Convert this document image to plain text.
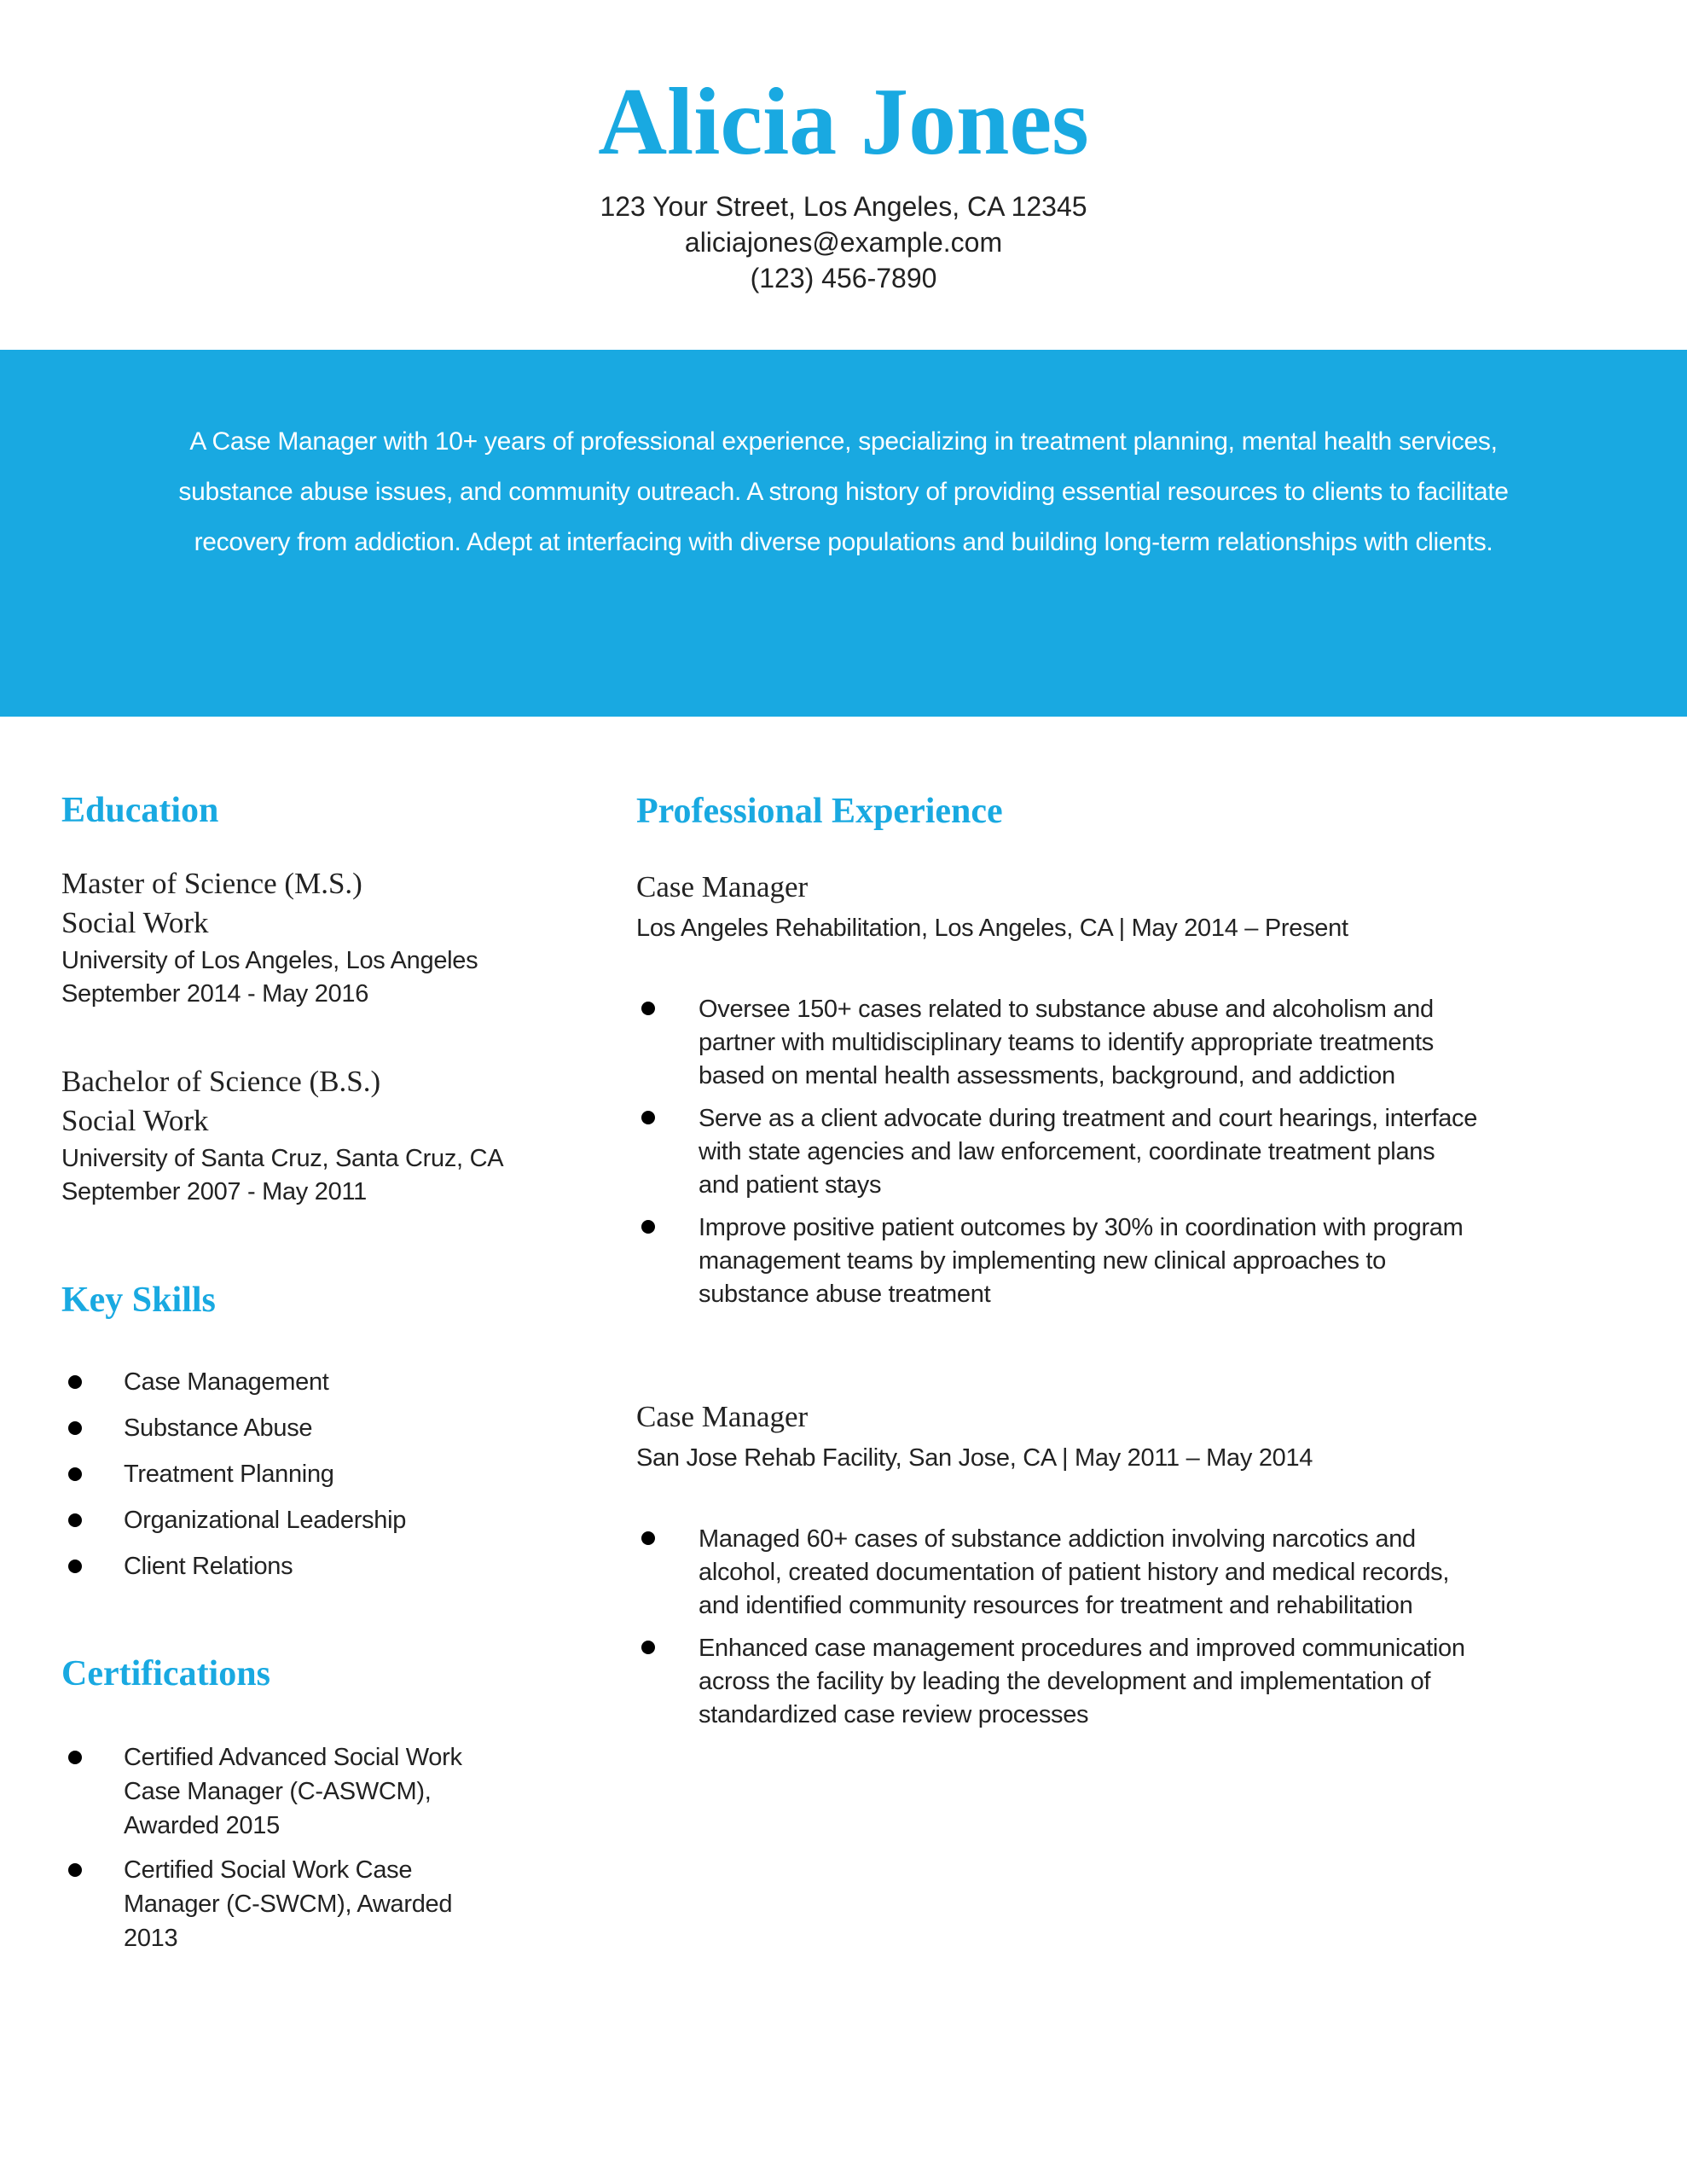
Alicia Jones
123 Your Street, Los Angeles, CA 12345
aliciajones@example.com
(123) 456-7890
A Case Manager with 10+ years of professional experience, specializing in treatment planning, mental health services, substance abuse issues, and community outreach. A strong history of providing essential resources to clients to facilitate recovery from addiction. Adept at interfacing with diverse populations and building long-term relationships with clients.
Education
Master of Science (M.S.)
Social Work
University of Los Angeles, Los Angeles
September 2014 - May 2016
Bachelor of Science (B.S.)
Social Work
University of Santa Cruz, Santa Cruz, CA
September 2007 - May 2011
Key Skills
Case Management
Substance Abuse
Treatment Planning
Organizational Leadership
Client Relations
Certifications
Certified Advanced Social Work Case Manager (C-ASWCM), Awarded 2015
Certified Social Work Case Manager (C-SWCM), Awarded 2013
Professional Experience
Case Manager
Los Angeles Rehabilitation, Los Angeles, CA | May 2014 – Present
Oversee 150+ cases related to substance abuse and alcoholism and partner with multidisciplinary teams to identify appropriate treatments based on mental health assessments, background, and addiction
Serve as a client advocate during treatment and court hearings, interface with state agencies and law enforcement, coordinate treatment plans and patient stays
Improve positive patient outcomes by 30% in coordination with program management teams by implementing new clinical approaches to substance abuse treatment
Case Manager
San Jose Rehab Facility, San Jose, CA | May 2011 – May 2014
Managed 60+ cases of substance addiction involving narcotics and alcohol, created documentation of patient history and medical records, and identified community resources for treatment and rehabilitation
Enhanced case management procedures and improved communication across the facility by leading the development and implementation of standardized case review processes
